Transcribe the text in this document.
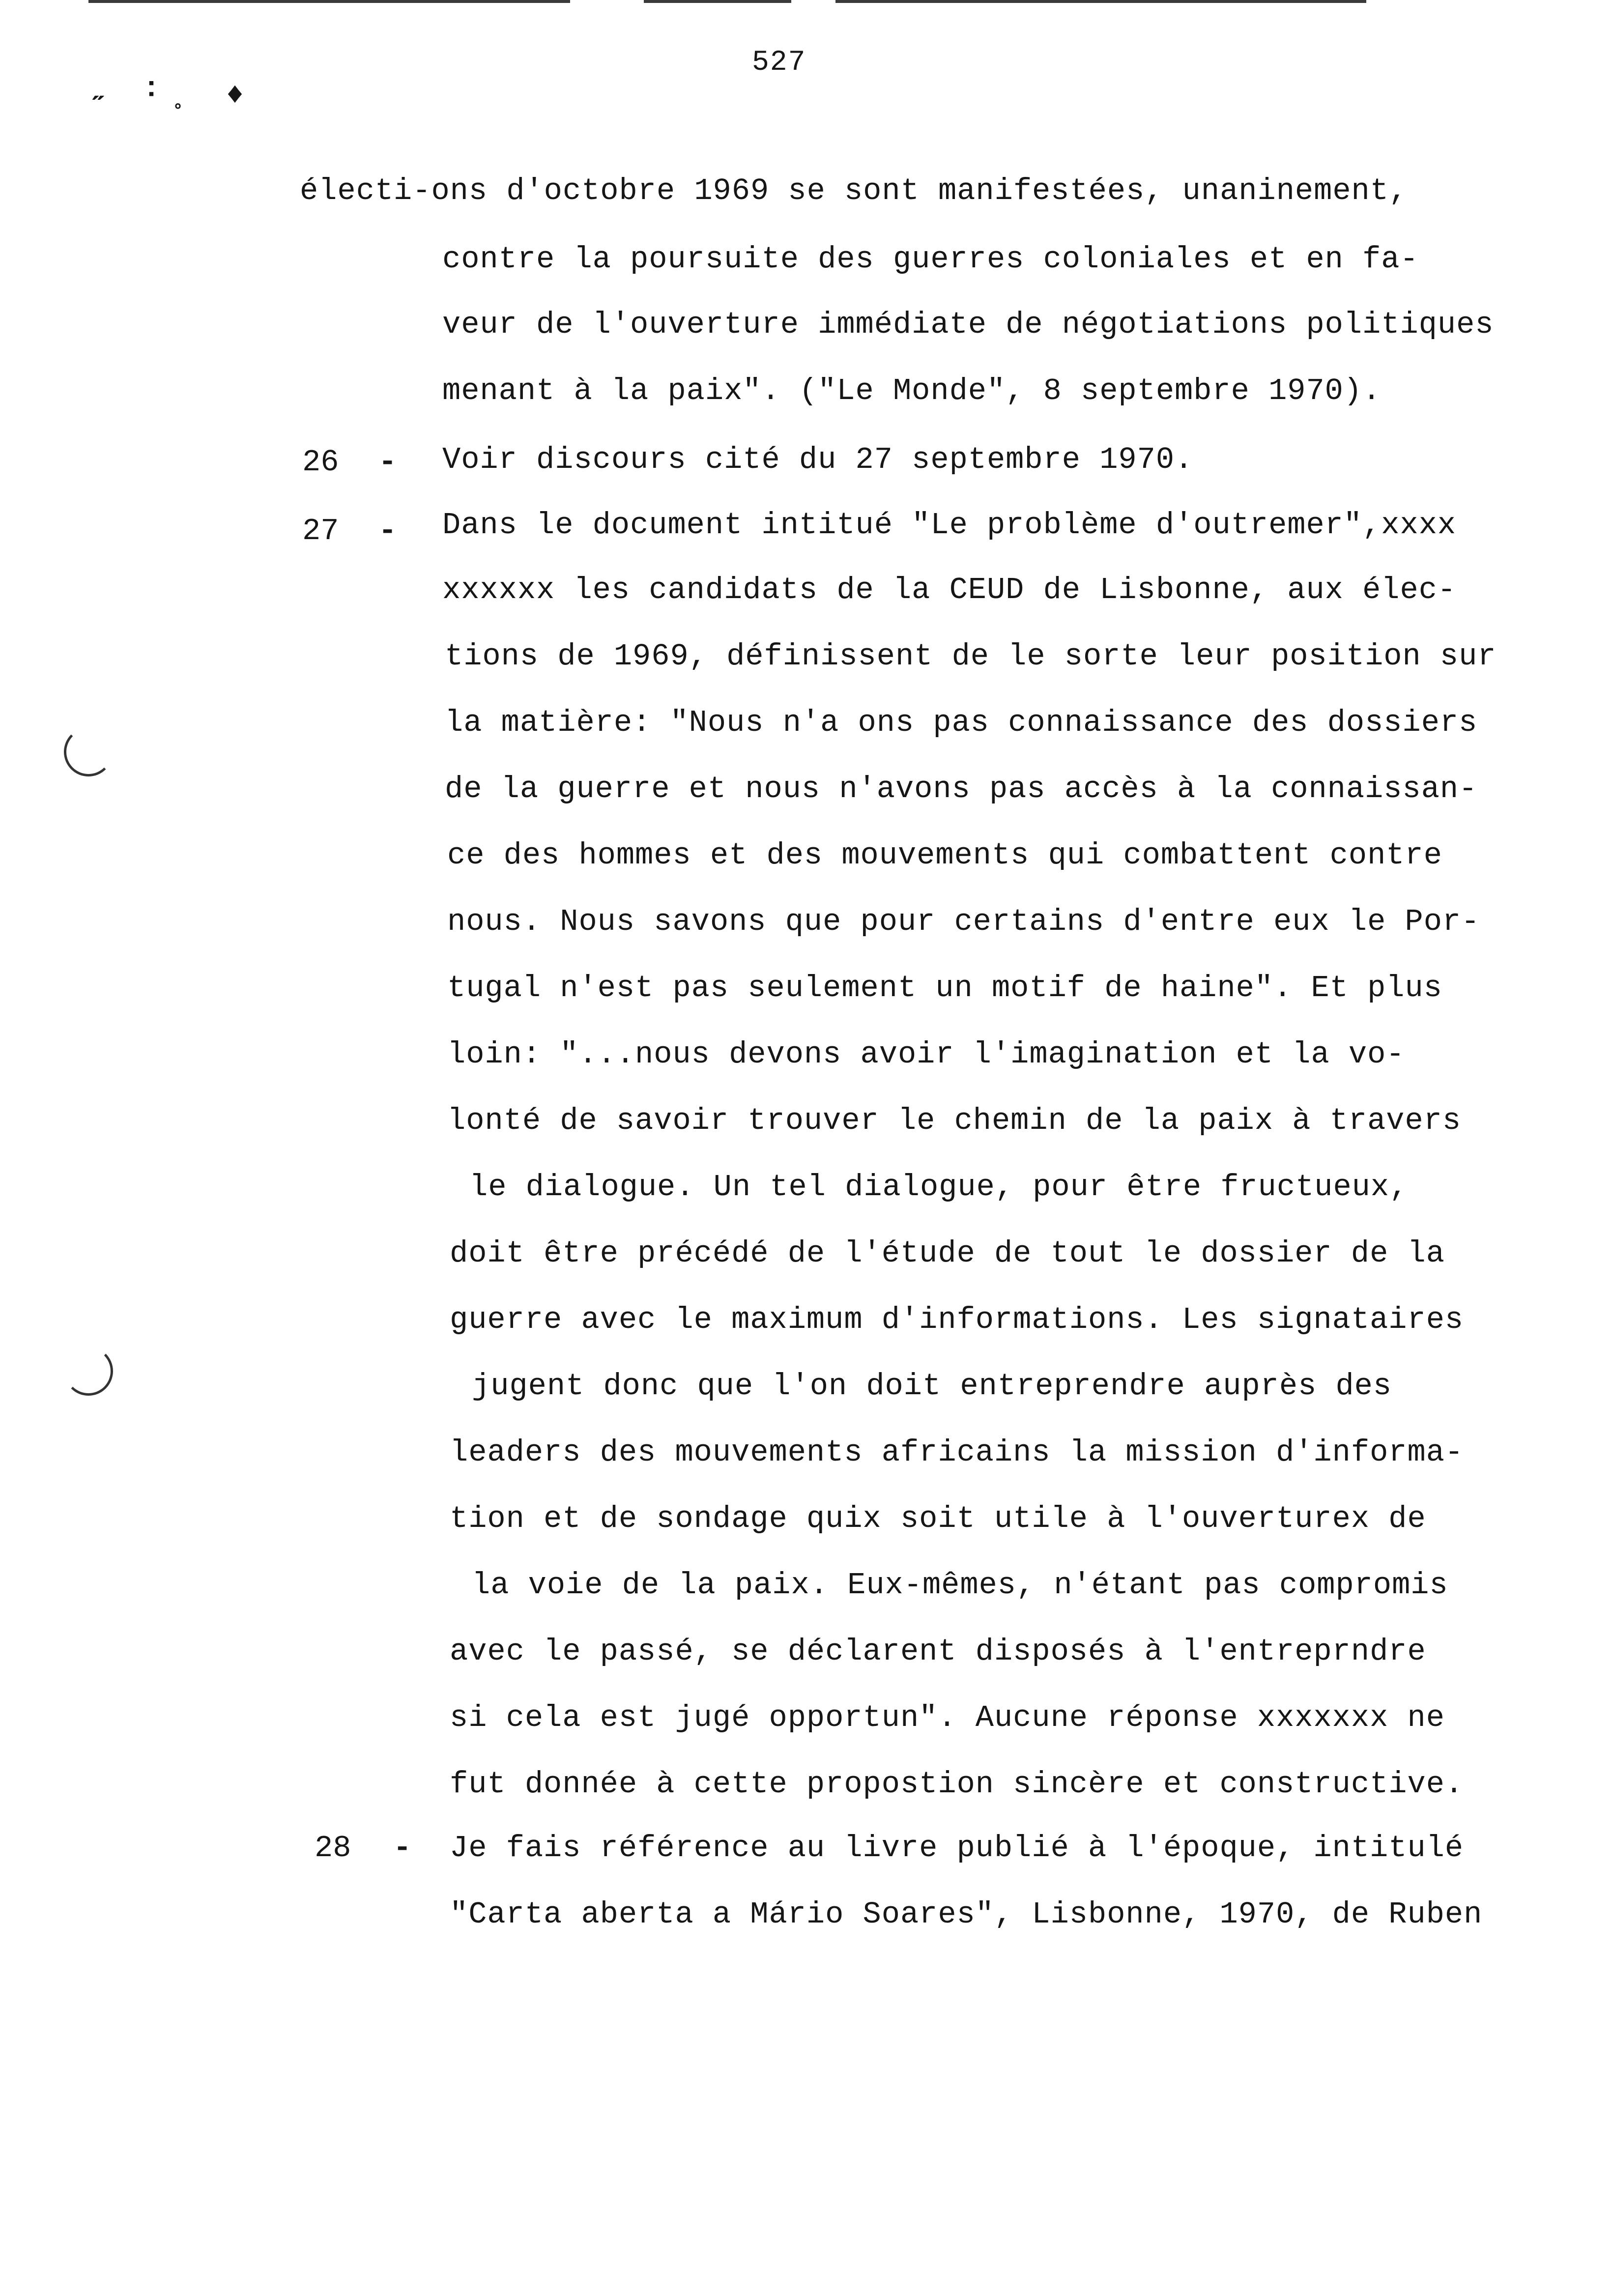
527
˶ ˸˳ ♦
26 -
27 -
28 -
électi-ons d'octobre 1969 se sont manifestées, unaninement,
contre la poursuite des guerres coloniales et en fa-
veur de l'ouverture immédiate de négotiations politiques
menant à la paix". ("Le Monde", 8 septembre 1970).
Voir discours cité du 27 septembre 1970.
Dans le document intitué "Le problème d'outremer",xxxx
xxxxxx les candidats de la CEUD de Lisbonne, aux élec-
tions de 1969, définissent de le sorte leur position sur
la matière: "Nous n'a ons pas connaissance des dossiers
de la guerre et nous n'avons pas accès à la connaissan-
ce des hommes et des mouvements qui combattent contre
nous. Nous savons que pour certains d'entre eux le Por-
tugal n'est pas seulement un motif de haine". Et plus
loin: "...nous devons avoir l'imagination et la vo-
lonté de savoir trouver le chemin de la paix à travers
le dialogue. Un tel dialogue, pour être fructueux,
doit être précédé de l'étude de tout le dossier de la
guerre avec le maximum d'informations. Les signataires
jugent donc que l'on doit entreprendre auprès des
leaders des mouvements africains la mission d'informa-
tion et de sondage quix soit utile à l'ouverturex de
la voie de la paix. Eux-mêmes, n'étant pas compromis
avec le passé, se déclarent disposés à l'entreprndre
si cela est jugé opportun". Aucune réponse xxxxxxx ne
fut donnée à cette propostion sincère et constructive.
Je fais référence au livre publié à l'époque, intitulé
"Carta aberta a Mário Soares", Lisbonne, 1970, de Ruben
